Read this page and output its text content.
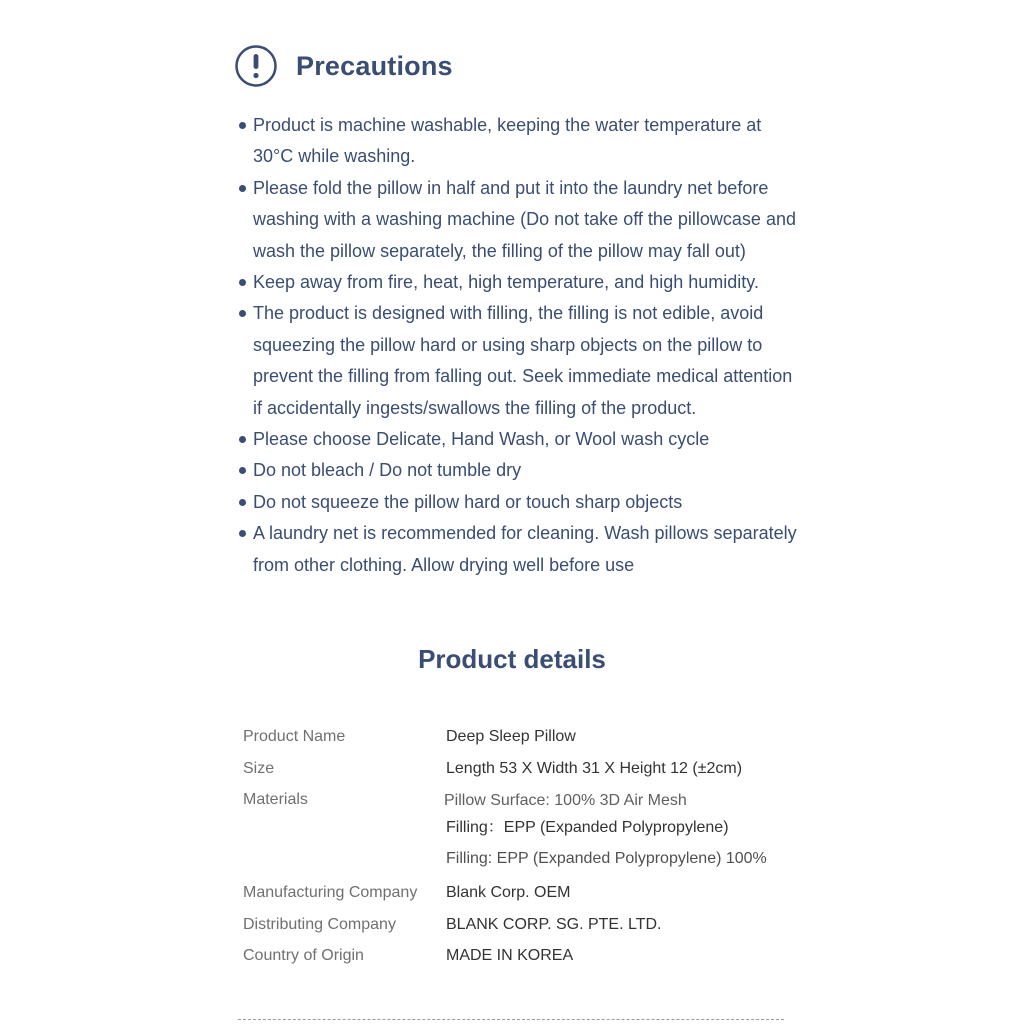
Precautions
Product is machine washable, keeping the water temperature at 30°C while washing.
Please fold the pillow in half and put it into the laundry net before washing with a washing machine (Do not take off the pillowcase and wash the pillow separately, the filling of the pillow may fall out)
Keep away from fire, heat, high temperature, and high humidity.
The product is designed with filling, the filling is not edible, avoid squeezing the pillow hard or using sharp objects on the pillow to prevent the filling from falling out. Seek immediate medical attention if accidentally ingests/swallows the filling of the product.
Please choose Delicate, Hand Wash, or Wool wash cycle
Do not bleach / Do not tumble dry
Do not squeeze the pillow hard or touch sharp objects
A laundry net is recommended for cleaning. Wash pillows separately from other clothing. Allow drying well before use
Product details
Product Name	Deep Sleep Pillow
Size	Length 53 X Width 31 X Height 12 (±2cm)
Materials	Pillow Surface: 100% 3D Air Mesh
Filling：EPP (Expanded Polypropylene)
Filling: EPP (Expanded Polypropylene) 100%
Manufacturing Company	Blank Corp. OEM
Distributing Company	BLANK CORP. SG. PTE. LTD.
Country of Origin	MADE IN KOREA
